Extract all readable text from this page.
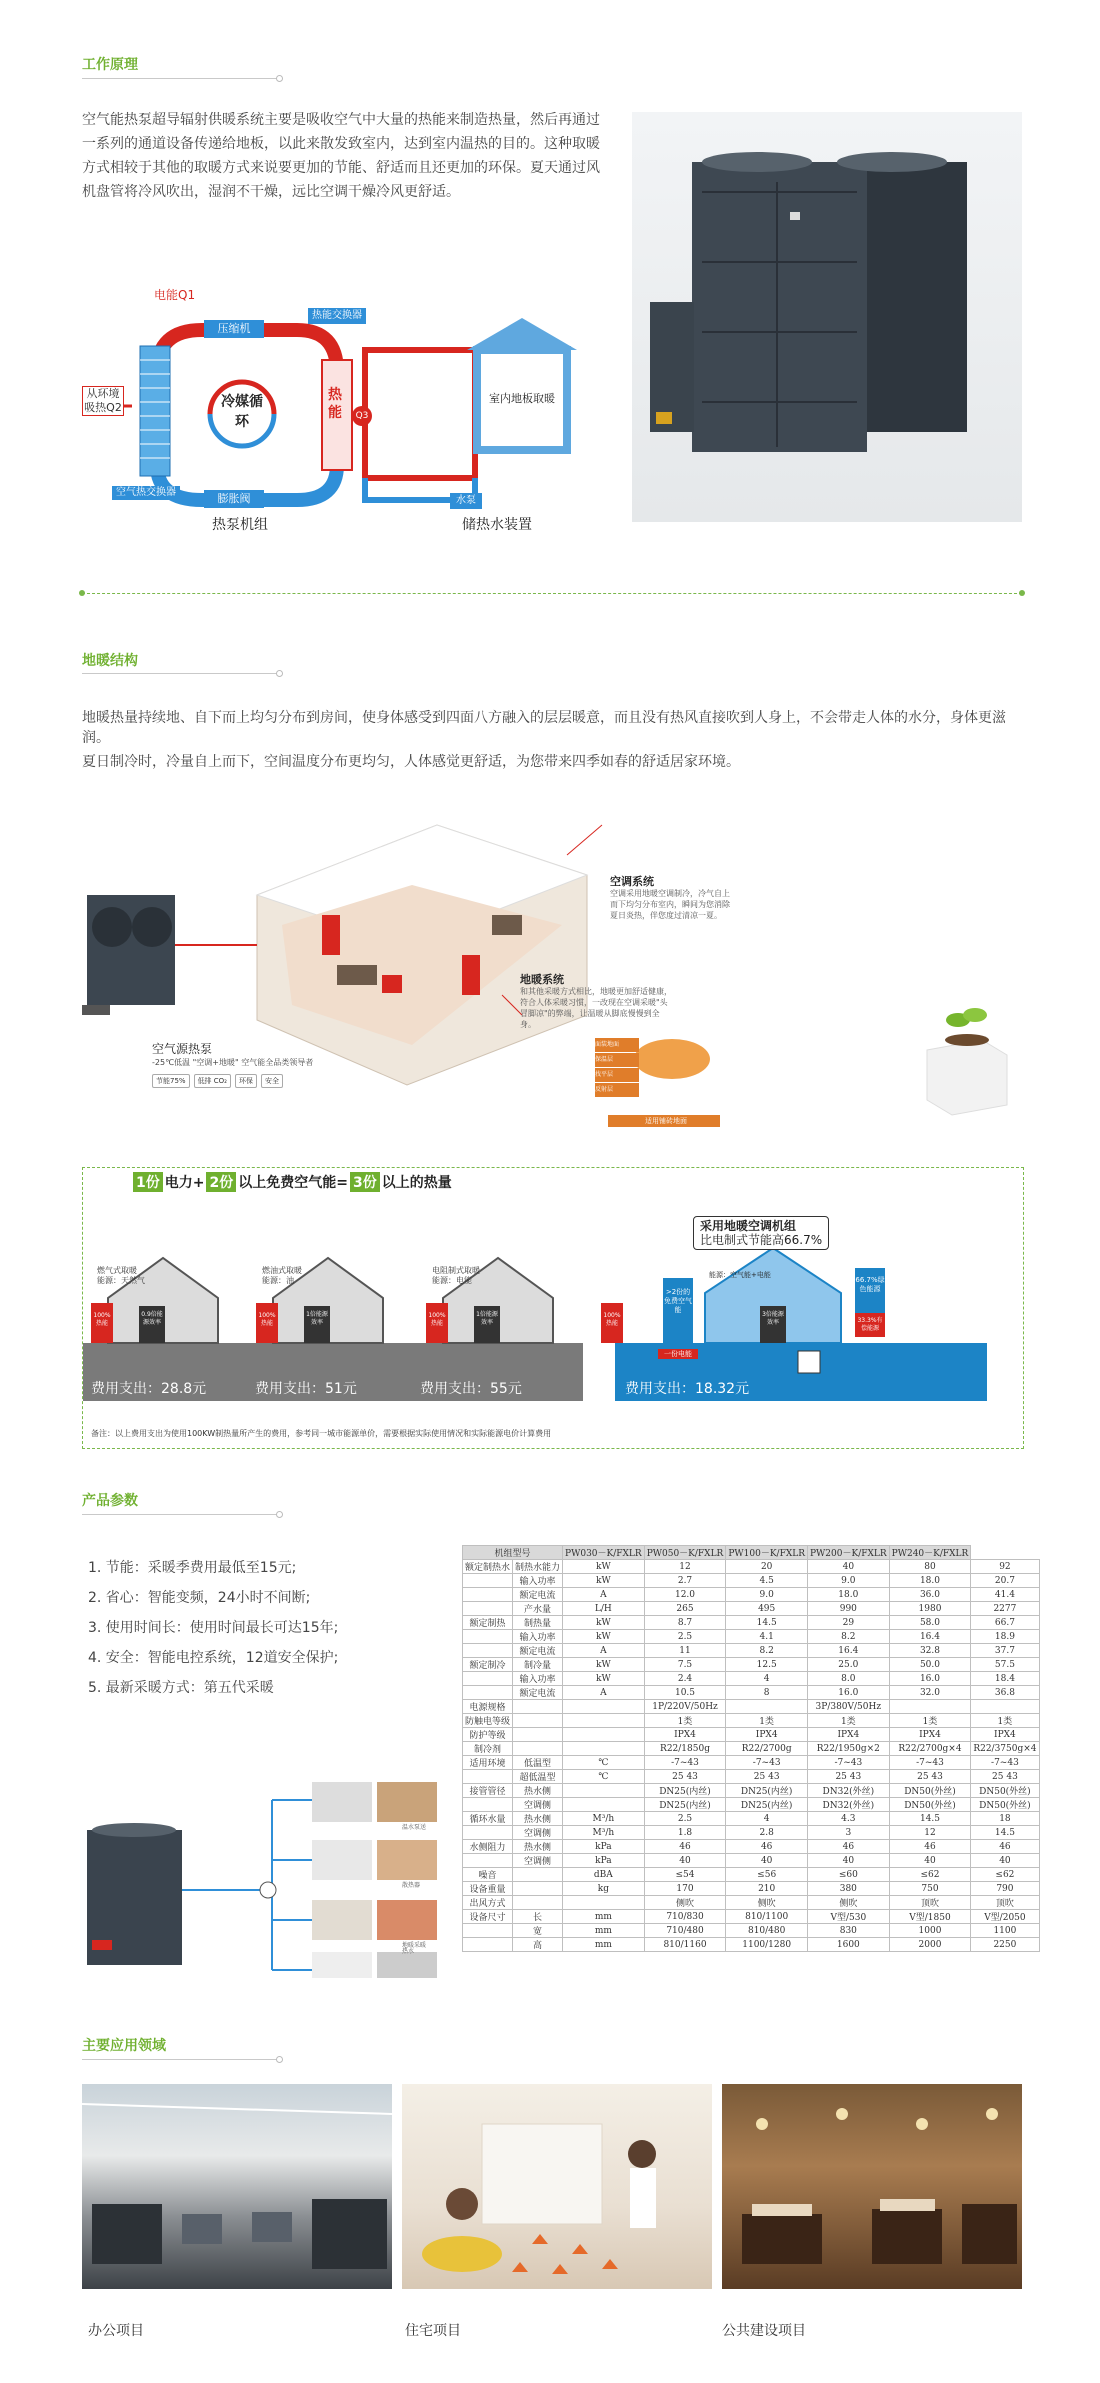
工作原理
空气能热泵超导辐射供暖系统主要是吸收空气中大量的热能来制造热量，然后再通过一系列的通道设备传递给地板，以此来散发致室内，达到室内温热的目的。这种取暖方式相较于其他的取暖方式来说要更加的节能、舒适而且还更加的环保。夏天通过风机盘管将冷风吹出，湿润不干燥，远比空调干燥冷风更舒适。
电能Q1
压缩机
热能交换器
从环境吸热Q2	冷媒循环
热能	Q3
膨胀阀
空气热交换器
室内地板取暖
水泵
热泵机组	储热水装置
地暖结构
地暖热量持续地、自下而上均匀分布到房间，使身体感受到四面八方融入的层层暖意，而且没有热风直接吹到人身上，不会带走人体的水分，身体更滋润。
夏日制冷时，冷量自上而下，空间温度分布更均匀，人体感觉更舒适，为您带来四季如春的舒适居家环境。
空调系统
空调采用地暖空调制冷，冷气自上而下均匀分布室内，瞬间为您消除夏日炎热，伴您度过清凉一夏。
地暖系统
和其他采暖方式相比，地暖更加舒适健康，符合人体采暖习惯，一改现在空调采暖"头冒脚凉"的弊端，让温暖从脚底慢慢到全身。
面装地面
保温层
找平层
反射层
适用铺砖地面
空气源热泵
-25℃低温 "空调+地暖" 空气能全品类领导者
节能75%	低排 CO₂	环保	安全
1份 电力+ 2份 以上免费空气能= 3份 以上的热量
燃气式取暖
能源：天然气
燃油式取暖
能源：油
电阻制式取暖
能源：电能
100%热能
100%热能
100%热能
100%热能
0.9倍能源效率
1倍能源效率
1倍能源效率
3倍能源效率
费用支出：28.8元	费用支出：51元	费用支出：55元	费用支出：18.32元
采用地暖空调机组
比电制式节能高66.7%
能源：空气能+电能
>2份的免费空气能
一份电能
66.7%绿色能源
33.3%有偿能源
备注：以上费用支出为使用100KW制热量所产生的费用，参考同一城市能源单价，需要根据实际使用情况和实际能源电价计算费用
产品参数
1. 节能：采暖季费用最低至15元;
2. 省心：智能变频，24小时不间断;
3. 使用时间长：使用时间最长可达15年;
4. 安全：智能电控系统，12道安全保护;
5. 最新采暖方式：第五代采暖
温水泵送
散热器
地暖采暖
热水
机组型号		PW030－K/FXLR	PW050－K/FXLR	PW100－K/FXLR	PW200－K/FXLR	PW240－K/FXLR	
额定制热水	制热水能力	kW	12	20	40	80	92
	输入功率	kW	2.7	4.5	9.0	18.0	20.7
	额定电流	A	12.0	9.0	18.0	36.0	41.4
	产水量	L/H	265	495	990	1980	2277
额定制热	制热量	kW	8.7	14.5	29	58.0	66.7
	输入功率	kW	2.5	4.1	8.2	16.4	18.9
	额定电流	A	11	8.2	16.4	32.8	37.7
额定制冷	制冷量	kW	7.5	12.5	25.0	50.0	57.5
	输入功率	kW	2.4	4	8.0	16.0	18.4
	额定电流	A	10.5	8	16.0	32.0	36.8
电源规格			1P/220V/50Hz		3P/380V/50Hz		
防触电等级			1类	1类	1类	1类	1类
防护等级			IPX4	IPX4	IPX4	IPX4	IPX4
制冷剂			R22/1850g	R22/2700g	R22/1950g×2	R22/2700g×4	R22/3750g×4
适用环境	低温型	℃	-7~43	-7~43	-7~43	-7~43	-7~43
	超低温型	℃	25 43	25 43	25 43	25 43	25 43
接管管径	热水侧		DN25(内丝)	DN25(内丝)	DN32(外丝)	DN50(外丝)	DN50(外丝)
	空调侧		DN25(内丝)	DN25(内丝)	DN32(外丝)	DN50(外丝)	DN50(外丝)
循环水量	热水侧	M³/h	2.5	4	4.3	14.5	18
	空调侧	M³/h	1.8	2.8	3	12	14.5
水侧阻力	热水侧	kPa	46	46	46	46	46
	空调侧	kPa	40	40	40	40	40
噪音		dBA	≤54	≤56	≤60	≤62	≤62
设备重量		kg	170	210	380	750	790
出风方式			侧吹	侧吹	侧吹	顶吹	顶吹
设备尺寸	长	mm	710/830	810/1100	V型/530	V型/1850	V型/2050
	宽	mm	710/480	810/480	830	1000	1100
	高	mm	810/1160	1100/1280	1600	2000	2250
主要应用领域
办公项目	住宅项目	公共建设项目
